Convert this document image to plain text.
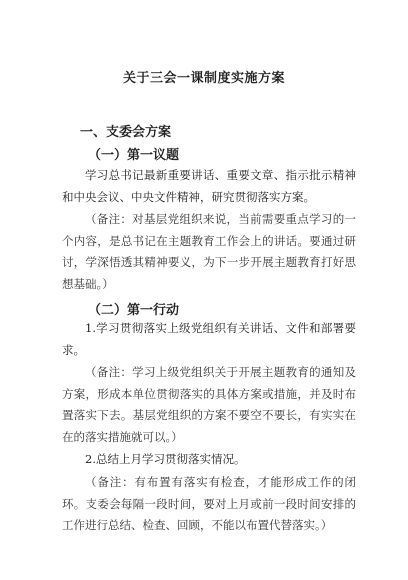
关于三会一课制度实施方案
一、支委会方案
（一）第一议题
学习总书记最新重要讲话、重要文章、指示批示精神和中央会议、中央文件精神，研究贯彻落实方案。
（备注：对基层党组织来说，当前需要重点学习的一个内容，是总书记在主题教育工作会上的讲话。要通过研讨，学深悟透其精神要义，为下一步开展主题教育打好思想基础。）
（二）第一行动
1.学习贯彻落实上级党组织有关讲话、文件和部署要求。
（备注：学习上级党组织关于开展主题教育的通知及方案，形成本单位贯彻落实的具体方案或措施，并及时布置落实下去。基层党组织的方案不要空不要长，有实实在在的落实措施就可以。）
2.总结上月学习贯彻落实情况。
（备注：有布置有落实有检查，才能形成工作的闭环。支委会每隔一段时间，要对上月或前一段时间安排的工作进行总结、检查、回顾，不能以布置代替落实。）
